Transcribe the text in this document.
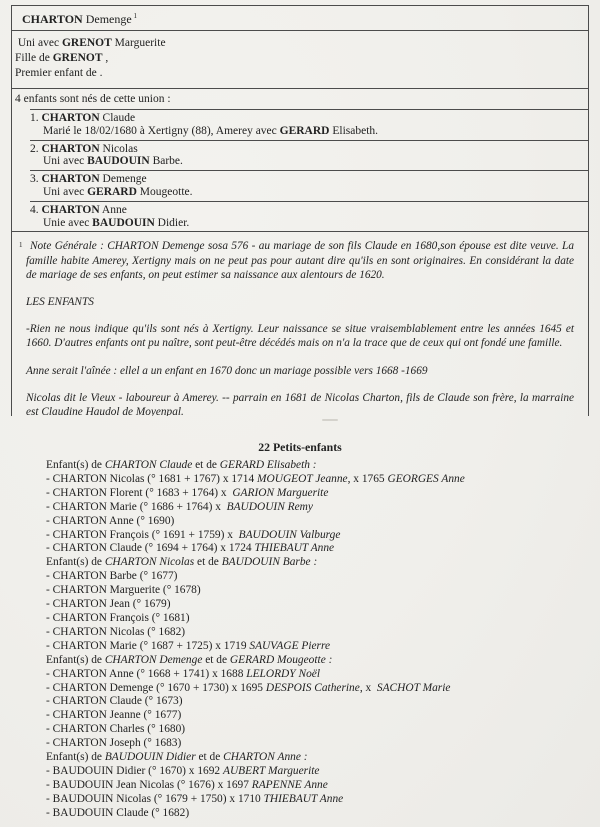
CHARTON Demenge $^1$
Uni avec GRENOT Marguerite
Fille de GRENOT ,
Premier enfant de .
4 enfants sont nés de cette union :
1. CHARTON Claude
Marié le 18/02/1680 à Xertigny (88), Amerey avec GERARD Elisabeth.
2. CHARTON Nicolas
Uni avec BAUDOUIN Barbe.
3. CHARTON Demenge
Uni avec GERARD Mougeotte.
4. CHARTON Anne
Unie avec BAUDOUIN Didier.
1 Note Générale : CHARTON Demenge sosa 576 - au mariage de son fils Claude en 1680,son épouse est dite veuve. La famille habite Amerey, Xertigny mais on ne peut pas pour autant dire qu'ils en sont originaires. En considérant la date de mariage de ses enfants, on peut estimer sa naissance aux alentours de 1620.

LES ENFANTS

-Rien ne nous indique qu'ils sont nés à Xertigny. Leur naissance se situe vraisemblablement entre les années 1645 et 1660. D'autres enfants ont pu naître, sont peut-être décédés mais on n'a la trace que de ceux qui ont fondé une famille.

Anne serait l'aînée : ellel a un enfant en 1670 donc un mariage possible vers 1668 -1669

Nicolas dit le Vieux - laboureur à Amerey. -- parrain en 1681 de Nicolas Charton, fils de Claude son frère, la marraine est Claudine Haudol de Moyenpal.

22 Petits-enfants
Enfant(s) de CHARTON Claude et de GERARD Elisabeth :
- CHARTON Nicolas (° 1681 + 1767) x 1714 MOUGEOT Jeanne, x 1765 GEORGES Anne
- CHARTON Florent (° 1683 + 1764) x  GARION Marguerite
- CHARTON Marie (° 1686 + 1764) x  BAUDOUIN Remy
- CHARTON Anne (° 1690)
- CHARTON François (° 1691 + 1759) x  BAUDOUIN Valburge
- CHARTON Claude (° 1694 + 1764) x 1724 THIEBAUT Anne
Enfant(s) de CHARTON Nicolas et de BAUDOUIN Barbe :
- CHARTON Barbe (° 1677)
- CHARTON Marguerite (° 1678)
- CHARTON Jean (° 1679)
- CHARTON François (° 1681)
- CHARTON Nicolas (° 1682)
- CHARTON Marie (° 1687 + 1725) x 1719 SAUVAGE Pierre
Enfant(s) de CHARTON Demenge et de GERARD Mougeotte :
- CHARTON Anne (° 1668 + 1741) x 1688 LELORDY Noël
- CHARTON Demenge (° 1670 + 1730) x 1695 DESPOIS Catherine, x  SACHOT Marie
- CHARTON Claude (° 1673)
- CHARTON Jeanne (° 1677)
- CHARTON Charles (° 1680)
- CHARTON Joseph (° 1683)
Enfant(s) de BAUDOUIN Didier et de CHARTON Anne :
- BAUDOUIN Didier (° 1670) x 1692 AUBERT Marguerite
- BAUDOUIN Jean Nicolas (° 1676) x 1697 RAPENNE Anne
- BAUDOUIN Nicolas (° 1679 + 1750) x 1710 THIEBAUT Anne
- BAUDOUIN Claude (° 1682)
